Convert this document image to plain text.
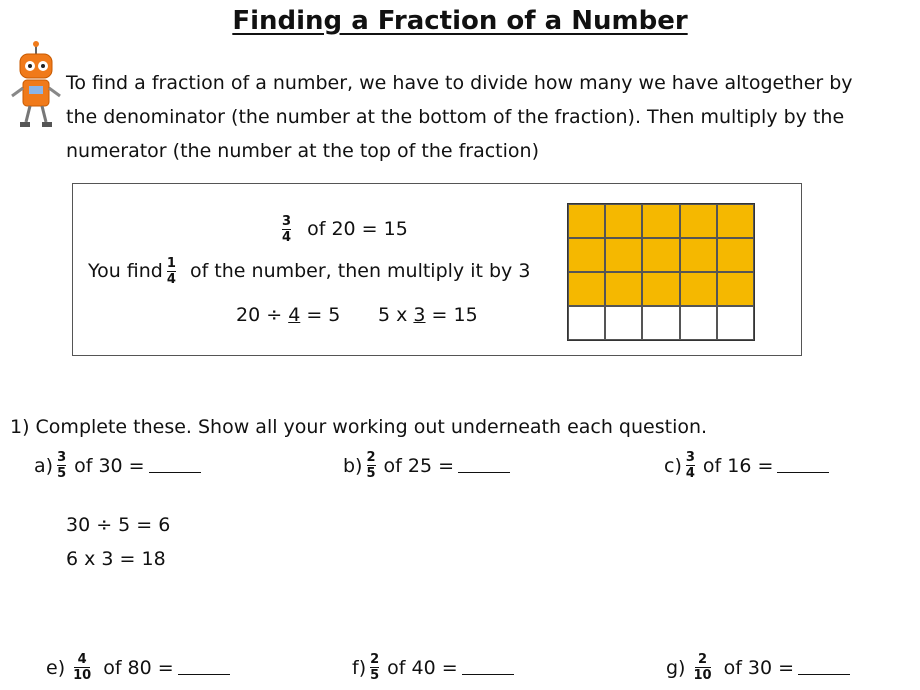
Finding a Fraction of a Number
To find a fraction of a number, we have to divide how many we have altogether by
the denominator (the number at the bottom of the fraction). Then multiply by the
numerator (the number at the top of the fraction)
$\frac{3}{4}$ of 20 = 15
You find $\frac{1}{4}$ of the number, then multiply it by 3
20 ÷ 4 = 5 5 x 3 = 15
1) Complete these. Show all your working out underneath each question.
$a) \frac{3}{5}$ of 30 =	$b) \frac{2}{5}$ of 25 =	$c) \frac{3}{4}$ of 16 =
30 ÷ 5 = 6
6 x 3 = 18
$e) \frac{4}{10}$ of 80 =	$f) \frac{2}{5}$ of 40 =	$g) \frac{2}{10}$ of 30 =
